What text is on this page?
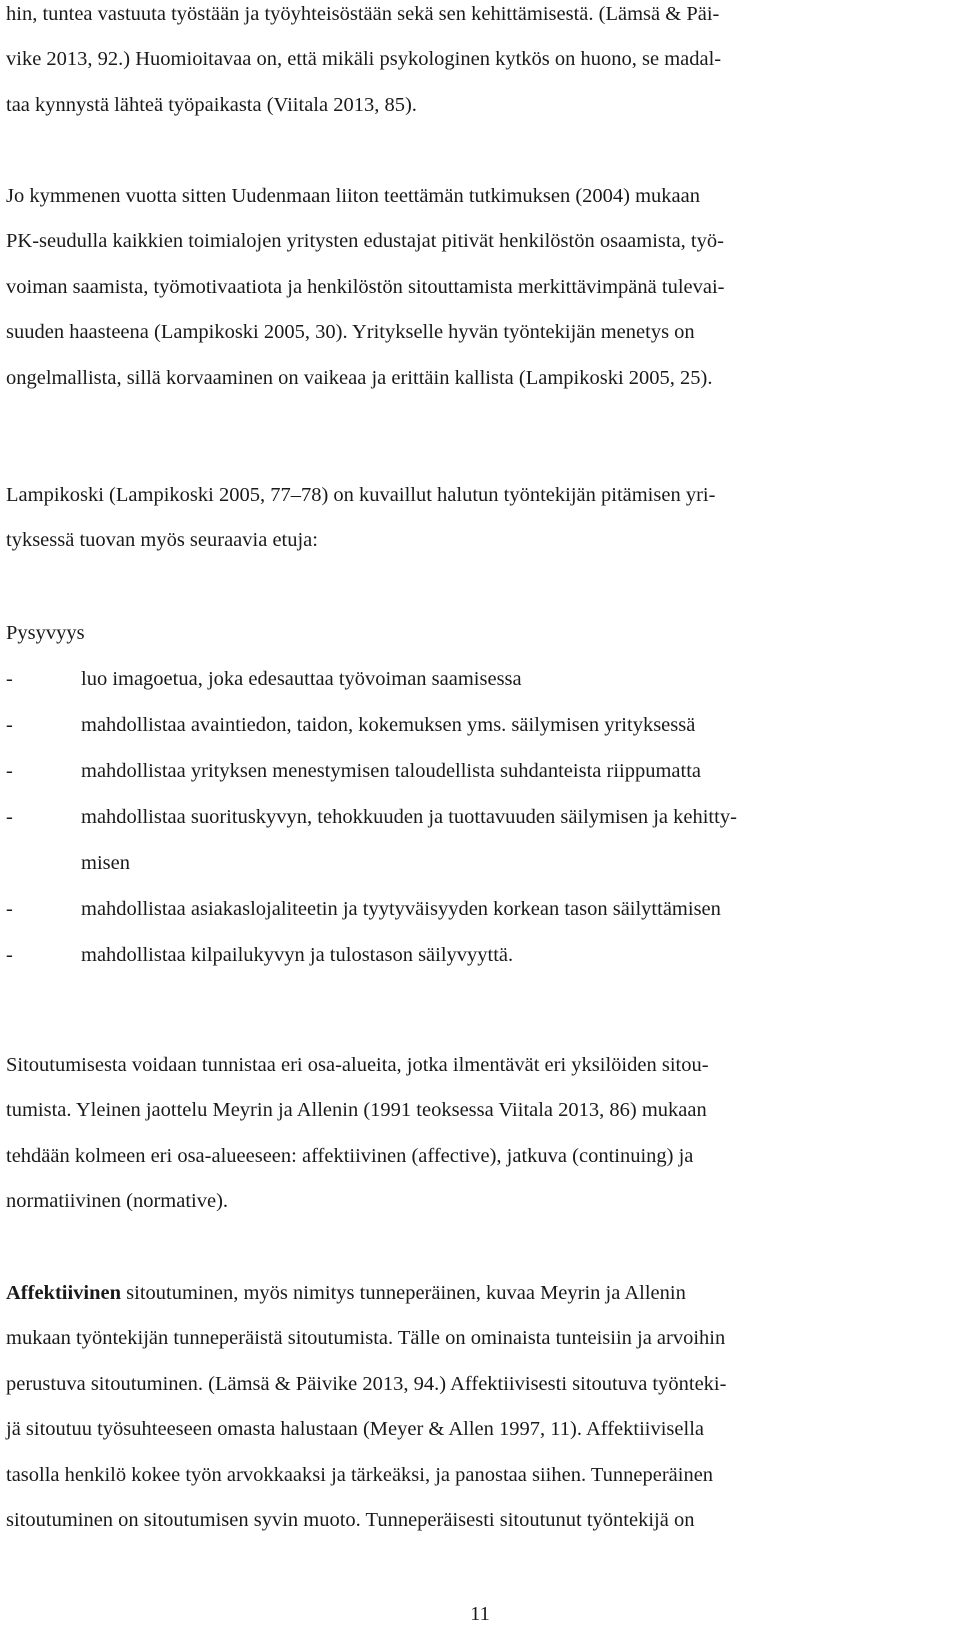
hin, tuntea vastuuta työstään ja työyhteisöstään sekä sen kehittämisestä. (Lämsä & Päi-
vike 2013, 92.) Huomioitavaa on, että mikäli psykologinen kytkös on huono, se madal-
taa kynnystä lähteä työpaikasta (Viitala 2013, 85).
Jo kymmenen vuotta sitten Uudenmaan liiton teettämän tutkimuksen (2004) mukaan
PK-seudulla kaikkien toimialojen yritysten edustajat pitivät henkilöstön osaamista, työ-
voiman saamista, työmotivaatiota ja henkilöstön sitouttamista merkittävimpänä tulevai-
suuden haasteena (Lampikoski 2005, 30). Yritykselle hyvän työntekijän menetys on
ongelmallista, sillä korvaaminen on vaikeaa ja erittäin kallista (Lampikoski 2005, 25).
Lampikoski (Lampikoski 2005, 77–78) on kuvaillut halutun työntekijän pitämisen yri-
tyksessä tuovan myös seuraavia etuja:
Pysyvyys
-	luo imagoetua, joka edesauttaa työvoiman saamisessa
-	mahdollistaa avaintiedon, taidon, kokemuksen yms. säilymisen yrityksessä
-	mahdollistaa yrityksen menestymisen taloudellista suhdanteista riippumatta
-	mahdollistaa suorituskyvyn, tehokkuuden ja tuottavuuden säilymisen ja kehitty-
misen
-	mahdollistaa asiakaslojaliteetin ja tyytyväisyyden korkean tason säilyttämisen
-	mahdollistaa kilpailukyvyn ja tulostason säilyvyyttä.
Sitoutumisesta voidaan tunnistaa eri osa-alueita, jotka ilmentävät eri yksilöiden sitou-
tumista. Yleinen jaottelu Meyrin ja Allenin (1991 teoksessa Viitala 2013, 86) mukaan
tehdään kolmeen eri osa-alueeseen: affektiivinen (affective), jatkuva (continuing) ja
normatiivinen (normative).
Affektiivinen sitoutuminen, myös nimitys tunneperäinen, kuvaa Meyrin ja Allenin
mukaan työntekijän tunneperäistä sitoutumista. Tälle on ominaista tunteisiin ja arvoihin
perustuva sitoutuminen. (Lämsä & Päivike 2013, 94.) Affektiivisesti sitoutuva työnteki-
jä sitoutuu työsuhteeseen omasta halustaan (Meyer & Allen 1997, 11). Affektiivisella
tasolla henkilö kokee työn arvokkaaksi ja tärkeäksi, ja panostaa siihen. Tunneperäinen
sitoutuminen on sitoutumisen syvin muoto. Tunneperäisesti sitoutunut työntekijä on
11
